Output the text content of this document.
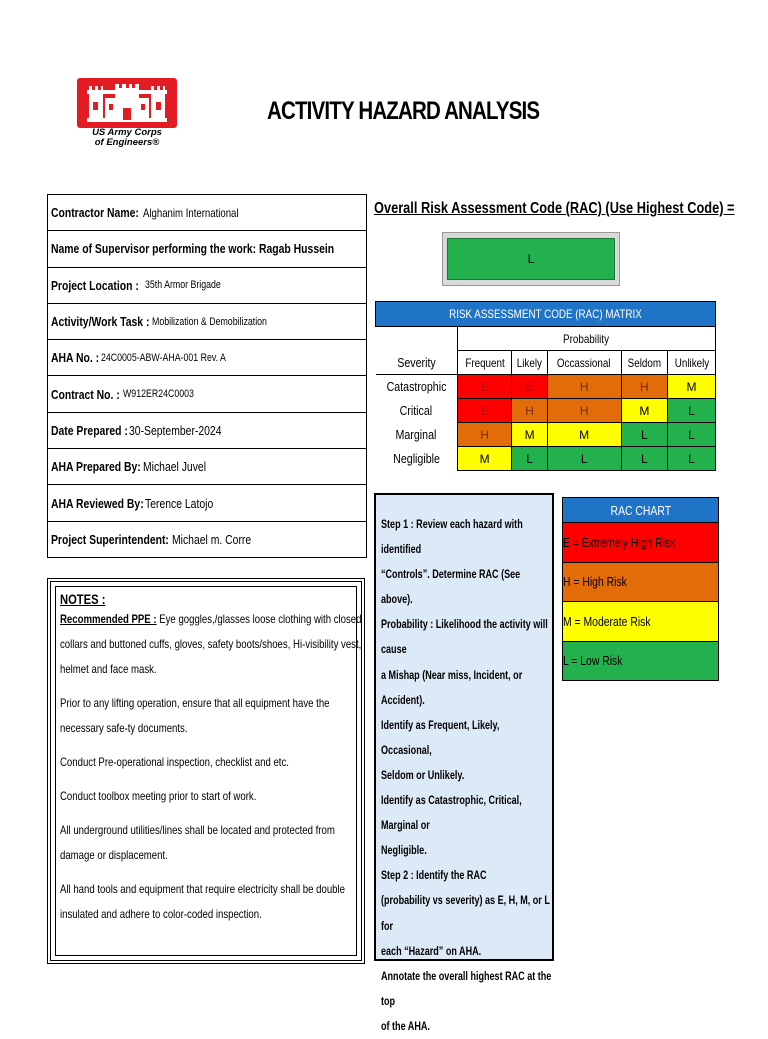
US Army Corps
of Engineers®
ACTIVITY HAZARD ANALYSIS
Contractor Name: Alghanim International
Name of Supervisor performing the work: Ragab Hussein
Project Location : 35th Armor Brigade
Activity/Work Task : Mobilization & Demobilization
AHA No. : 24C0005-ABW-AHA-001 Rev. A
Contract No. : W912ER24C0003
Date Prepared : 30-September-2024
AHA Prepared By: Michael Juvel
AHA Reviewed By: Terence Latojo
Project Superintendent: Michael m. Corre
Overall Risk Assessment Code (RAC) (Use Highest Code) =
L
RISK ASSESSMENT CODE (RAC) MATRIX					
	Probability				
Severity	Frequent	Likely	Occassional	Seldom	Unlikely
Catastrophic	E	E	H	H	M
Critical	E	H	H	M	L
Marginal	H	M	M	L	L
Negligible	M	L	L	L	L

Step 1 : Review each hazard with identified

“Controls”. Determine RAC (See above).

Probability : Likelihood the activity will cause

a Mishap (Near miss, Incident, or Accident).

Identify as Frequent, Likely, Occasional,

Seldom or Unlikely.

Identify as Catastrophic, Critical, Marginal or

Negligible.

Step 2 : Identify the RAC

(probability vs severity) as E, H, M, or L for

each “Hazard” on AHA.

Annotate the overall highest RAC at the top

of the AHA.

RAC CHART
E = Extremely High Risk
H = High Risk
M = Moderate Risk
L = Low Risk
NOTES :

Recommended PPE : Eye goggles,/glasses loose clothing with closed collars and buttoned cuffs, gloves, safety boots/shoes, Hi-visibility vest, helmet and face mask.

Prior to any lifting operation, ensure that all equipment have the necessary safe-ty documents.

Conduct Pre-operational inspection, checklist and etc.

Conduct toolbox meeting prior to start of work.

All underground utilities/lines shall be located and protected from damage or displacement.

All hand tools and equipment that require electricity shall be double insulated and adhere to color-coded inspection.
